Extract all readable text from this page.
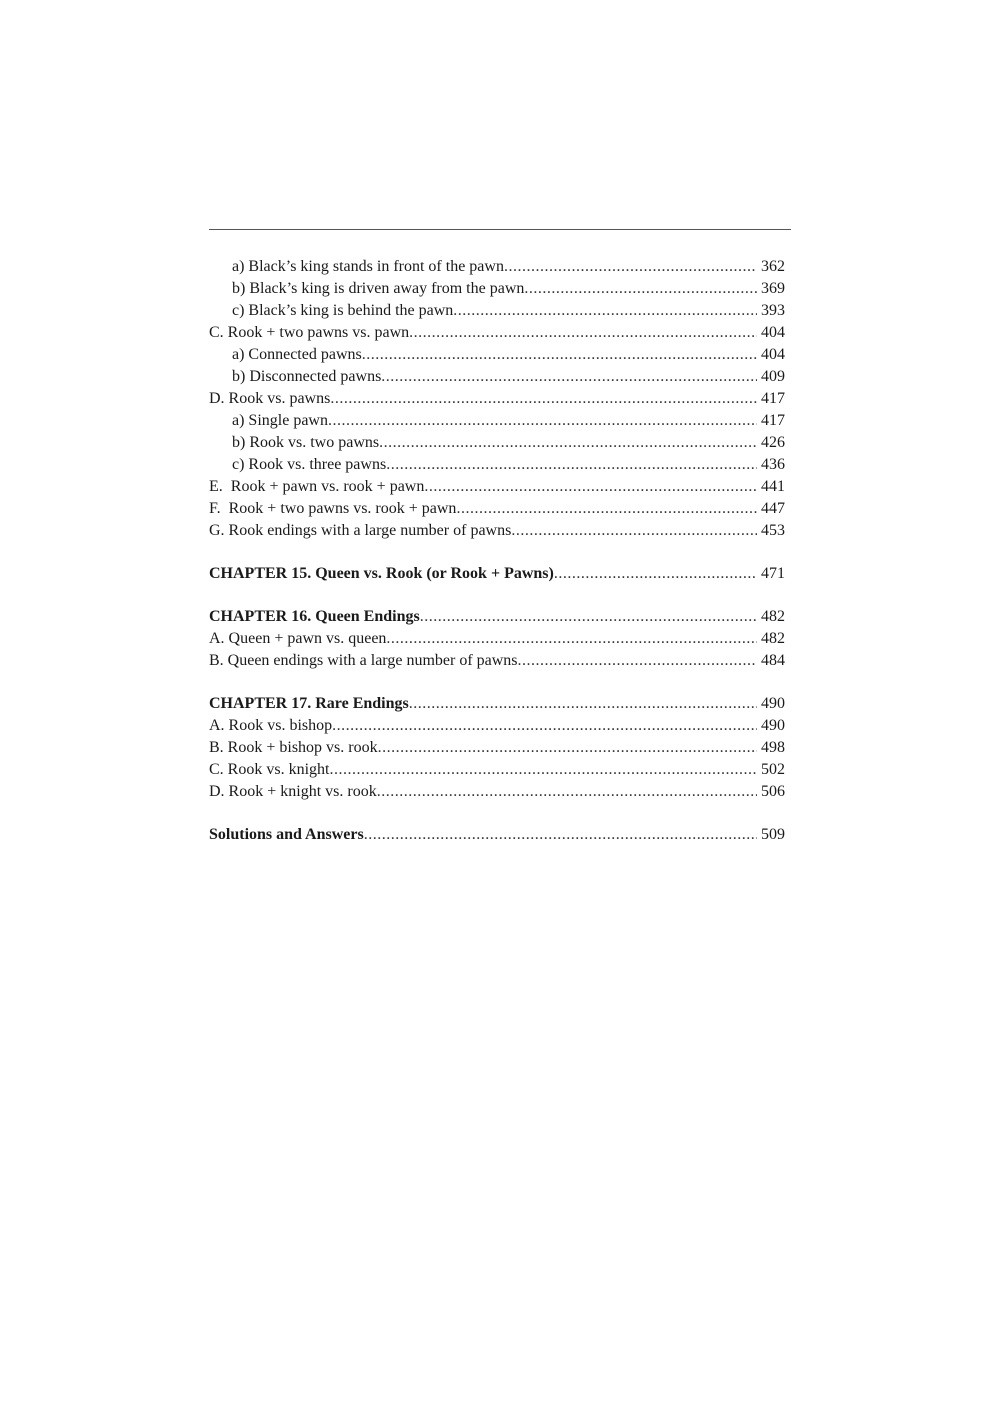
a) Black’s king stands in front of the pawn .....	362
b) Black’s king is driven away from the pawn .....	369
c) Black’s king is behind the pawn .....	393
C. Rook + two pawns vs. pawn .....	404
a) Connected pawns .....	404
b) Disconnected pawns .....	409
D. Rook vs. pawns .....	417
a) Single pawn .....	417
b) Rook vs. two pawns .....	426
c) Rook vs. three pawns .....	436
E.  Rook + pawn vs. rook + pawn .....	441
F.  Rook + two pawns vs. rook + pawn .....	447
G. Rook endings with a large number of pawns .....	453
CHAPTER 15. Queen vs. Rook (or Rook + Pawns) .....	471
CHAPTER 16. Queen Endings .....	482
A. Queen + pawn vs. queen .....	482
B. Queen endings with a large number of pawns .....	484
CHAPTER 17. Rare Endings .....	490
A. Rook vs. bishop .....	490
B. Rook + bishop vs. rook .....	498
C. Rook vs. knight .....	502
D. Rook + knight vs. rook .....	506
Solutions and Answers .....	509
